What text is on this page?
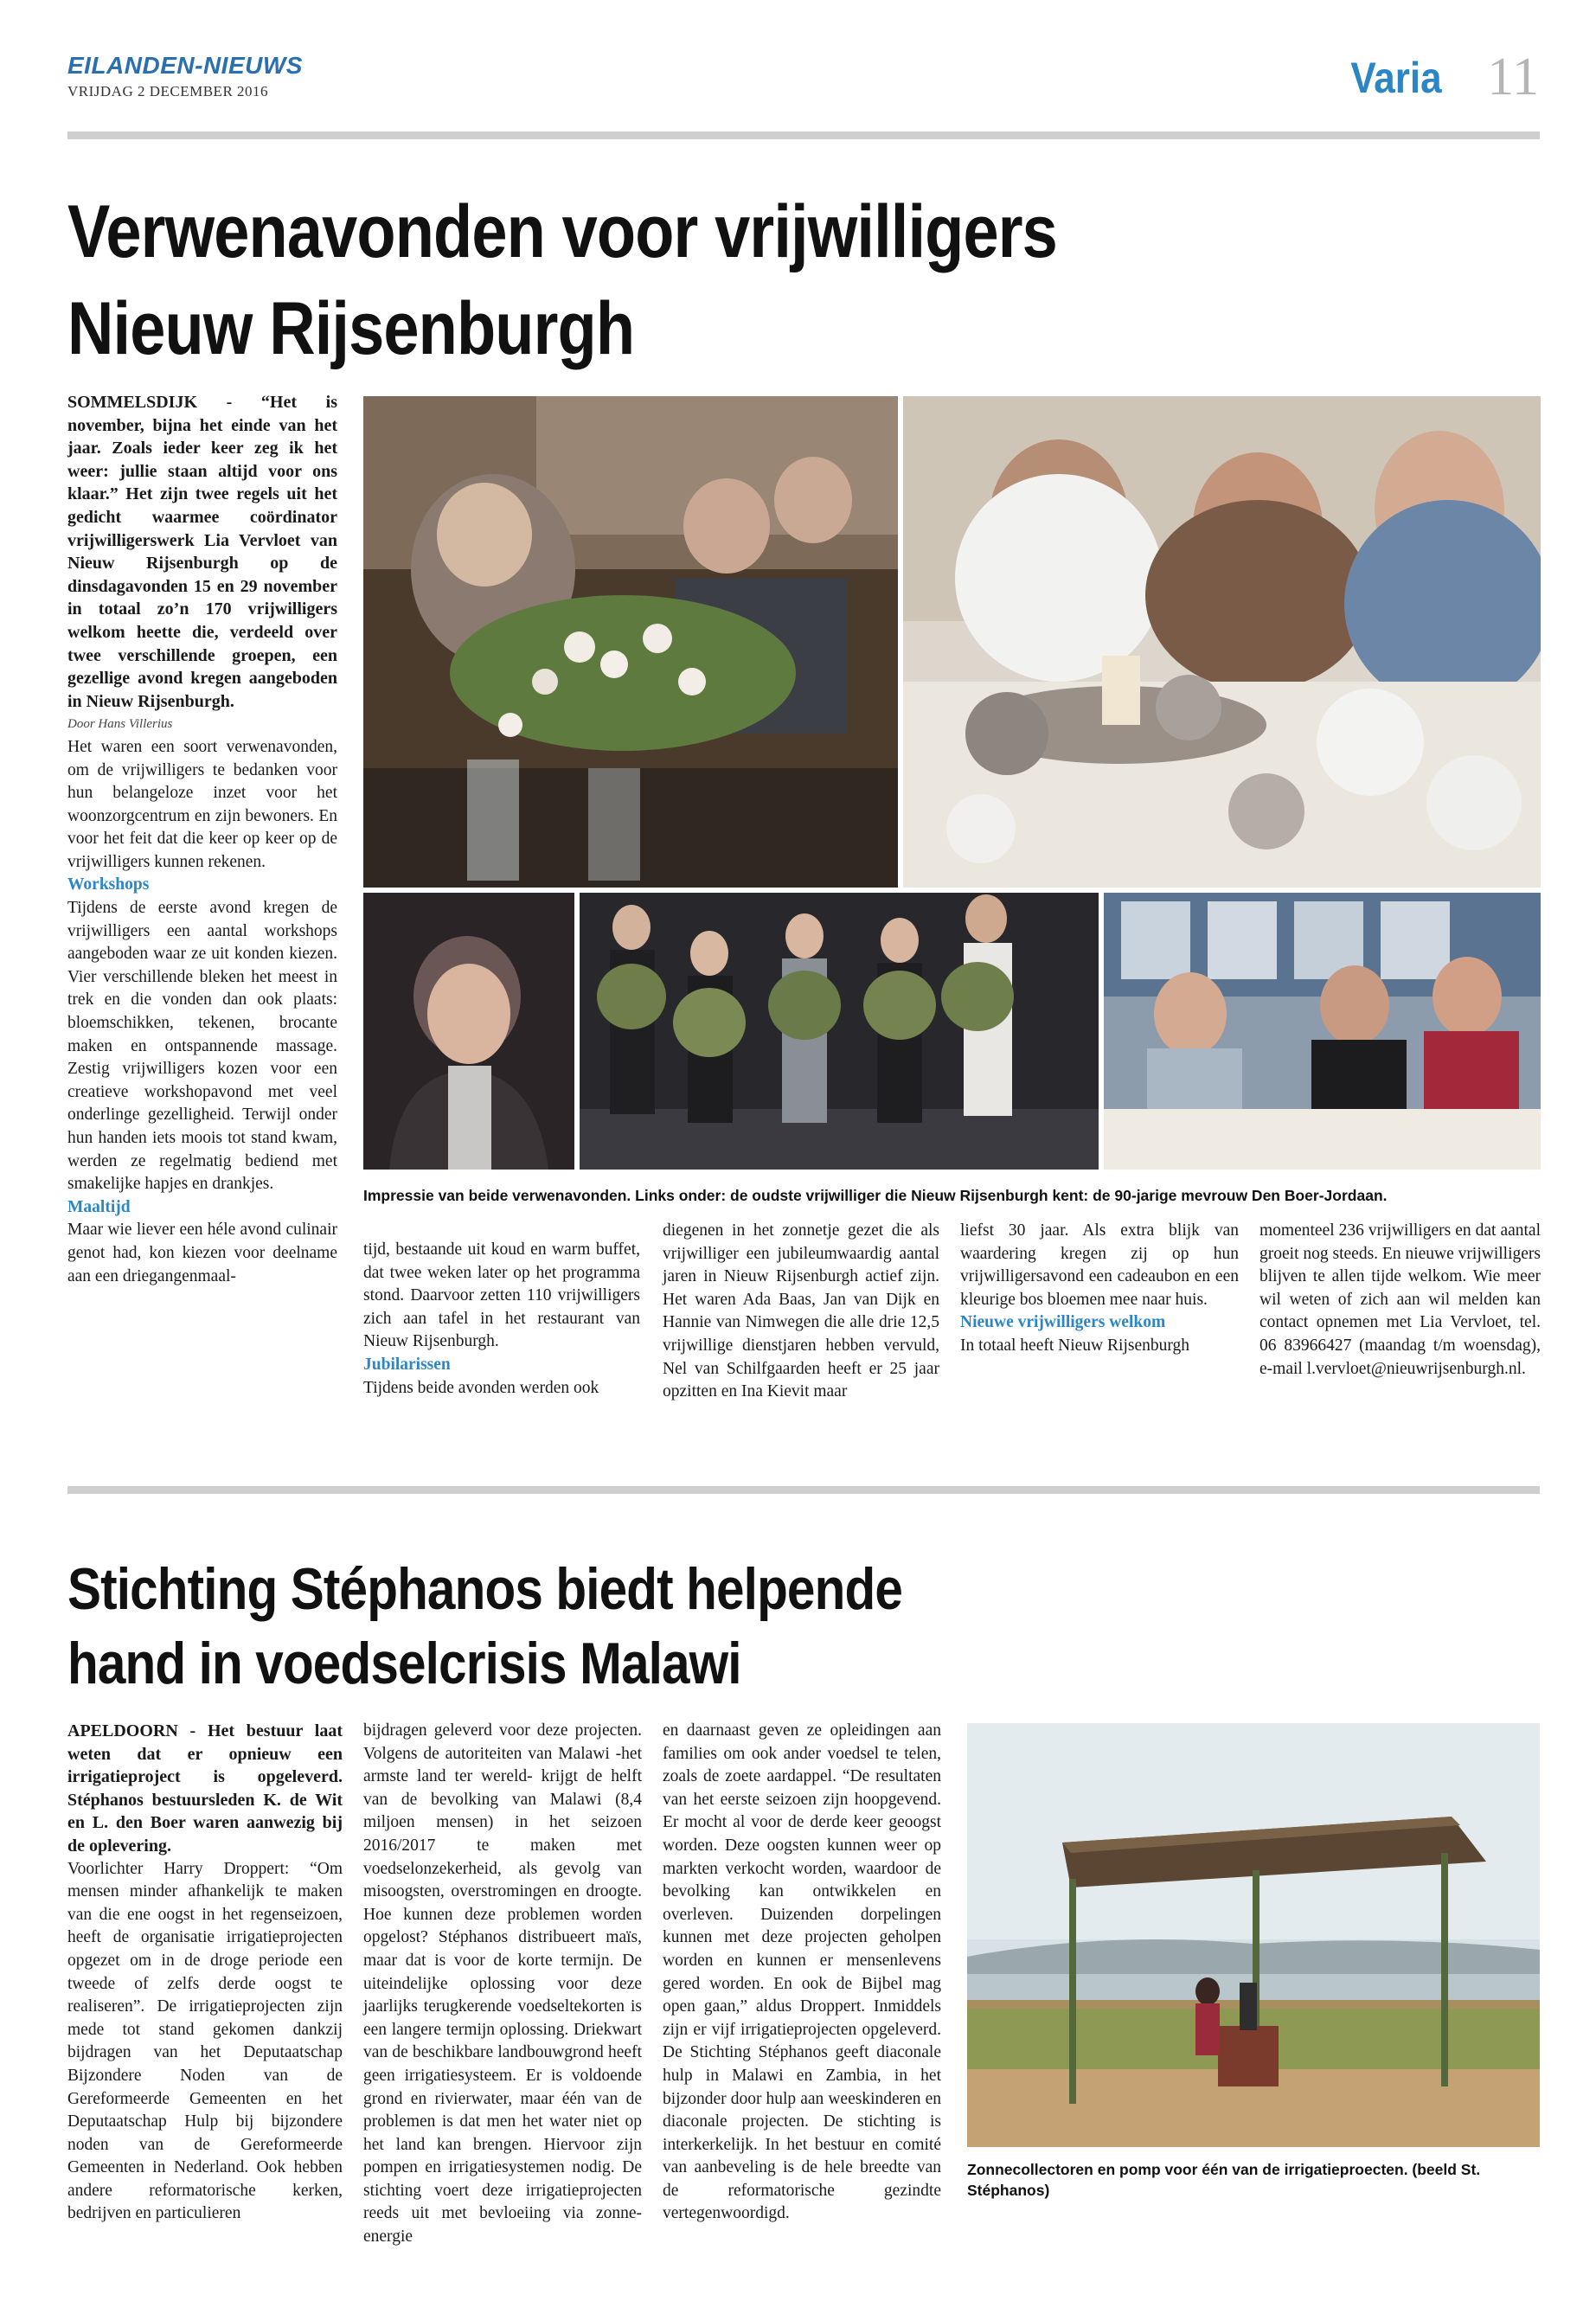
EILANDEN-NIEUWS
VRIJDAG 2 DECEMBER 2016	Varia 11
Verwenavonden voor vrijwilligers
Nieuw Rijsenburgh

SOMMELSDIJK - “Het is november, bijna het einde van het jaar. Zoals ieder keer zeg ik het weer: jullie staan altijd voor ons klaar.” Het zijn twee regels uit het gedicht waarmee coördinator vrijwilligerswerk Lia Vervloet van Nieuw Rijsenburgh op de dinsdagavonden 15 en 29 november in totaal zo’n 170 vrijwilligers welkom heette die, verdeeld over twee verschillende groepen, een gezellige avond kregen aangeboden in Nieuw Rijsenburgh.

Door Hans Villerius

Het waren een soort verwenavonden, om de vrijwilligers te bedanken voor hun belangeloze inzet voor het woonzorgcentrum en zijn bewoners. En voor het feit dat die keer op keer op de vrijwilligers kunnen rekenen.

Workshops

Tijdens de eerste avond kregen de vrijwilligers een aantal workshops aangeboden waar ze uit konden kiezen. Vier verschillende bleken het meest in trek en die vonden dan ook plaats: bloemschikken, tekenen, brocante maken en ontspannende massage. Zestig vrijwilligers kozen voor een creatieve workshopavond met veel onderlinge gezelligheid. Terwijl onder hun handen iets moois tot stand kwam, werden ze regelmatig bediend met smakelijke hapjes en drankjes.

Maaltijd

Maar wie liever een héle avond culinair genot had, kon kiezen voor deelname aan een driegangenmaal-

Impressie van beide verwenavonden. Links onder: de oudste vrijwilliger die Nieuw Rijsenburgh kent: de 90-jarige mevrouw Den Boer-Jordaan.

tijd, bestaande uit koud en warm buffet, dat twee weken later op het programma stond. Daarvoor zetten 110 vrijwilligers zich aan tafel in het restaurant van Nieuw Rijsenburgh.

Jubilarissen

Tijdens beide avonden werden ook

diegenen in het zonnetje gezet die als vrijwilliger een jubileumwaardig aantal jaren in Nieuw Rijsenburgh actief zijn. Het waren Ada Baas, Jan van Dijk en Hannie van Nimwegen die alle drie 12,5 vrijwillige dienstjaren hebben vervuld, Nel van Schilfgaarden heeft er 25 jaar opzitten en Ina Kievit maar

liefst 30 jaar. Als extra blijk van waardering kregen zij op hun vrijwilligersavond een cadeaubon en een kleurige bos bloemen mee naar huis.

Nieuwe vrijwilligers welkom

In totaal heeft Nieuw Rijsenburgh

momenteel 236 vrijwilligers en dat aantal groeit nog steeds. En nieuwe vrijwilligers blijven te allen tijde welkom. Wie meer wil weten of zich aan wil melden kan contact opnemen met Lia Vervloet, tel. 06 83966427 (maandag t/m woensdag), e-mail l.vervloet@nieuwrijsenburgh.nl.

Stichting Stéphanos biedt helpende
hand in voedselcrisis Malawi

APELDOORN - Het bestuur laat weten dat er opnieuw een irrigatieproject is opgeleverd. Stéphanos bestuursleden K. de Wit en L. den Boer waren aanwezig bij de oplevering.

Voorlichter Harry Droppert: “Om mensen minder afhankelijk te maken van die ene oogst in het regenseizoen, heeft de organisatie irrigatieprojecten opgezet om in de droge periode een tweede of zelfs derde oogst te realiseren”. De irrigatieprojecten zijn mede tot stand gekomen dankzij bijdragen van het Deputaatschap Bijzondere Noden van de Gereformeerde Gemeenten en het Deputaatschap Hulp bij bijzondere noden van de Gereformeerde Gemeenten in Nederland. Ook hebben andere reformatorische kerken, bedrijven en particulieren

bijdragen geleverd voor deze projecten. Volgens de autoriteiten van Malawi -het armste land ter wereld- krijgt de helft van de bevolking van Malawi (8,4 miljoen mensen) in het seizoen 2016/2017 te maken met voedselonzekerheid, als gevolg van misoogsten, overstromingen en droogte. Hoe kunnen deze problemen worden opgelost? Stéphanos distribueert maïs, maar dat is voor de korte termijn. De uiteindelijke oplossing voor deze jaarlijks terugkerende voedseltekorten is een langere termijn oplossing. Driekwart van de beschikbare landbouwgrond heeft geen irrigatiesysteem. Er is voldoende grond en rivierwater, maar één van de problemen is dat men het water niet op het land kan brengen. Hiervoor zijn pompen en irrigatiesystemen nodig. De stichting voert deze irrigatieprojecten reeds uit met bevloeiing via zonne-energie

en daarnaast geven ze opleidingen aan families om ook ander voedsel te telen, zoals de zoete aardappel. “De resultaten van het eerste seizoen zijn hoopgevend. Er mocht al voor de derde keer geoogst worden. Deze oogsten kunnen weer op markten verkocht worden, waardoor de bevolking kan ontwikkelen en overleven. Duizenden dorpelingen kunnen met deze projecten geholpen worden en kunnen er mensenlevens gered worden. En ook de Bijbel mag open gaan,” aldus Droppert. Inmiddels zijn er vijf irrigatieprojecten opgeleverd. De Stichting Stéphanos geeft diaconale hulp in Malawi en Zambia, in het bijzonder door hulp aan weeskinderen en diaconale projecten. De stichting is interkerkelijk. In het bestuur en comité van aanbeveling is de hele breedte van de reformatorische gezindte vertegenwoordigd.

Zonnecollectoren en pomp voor één van de irrigatieproecten. (beeld St. Stéphanos)
